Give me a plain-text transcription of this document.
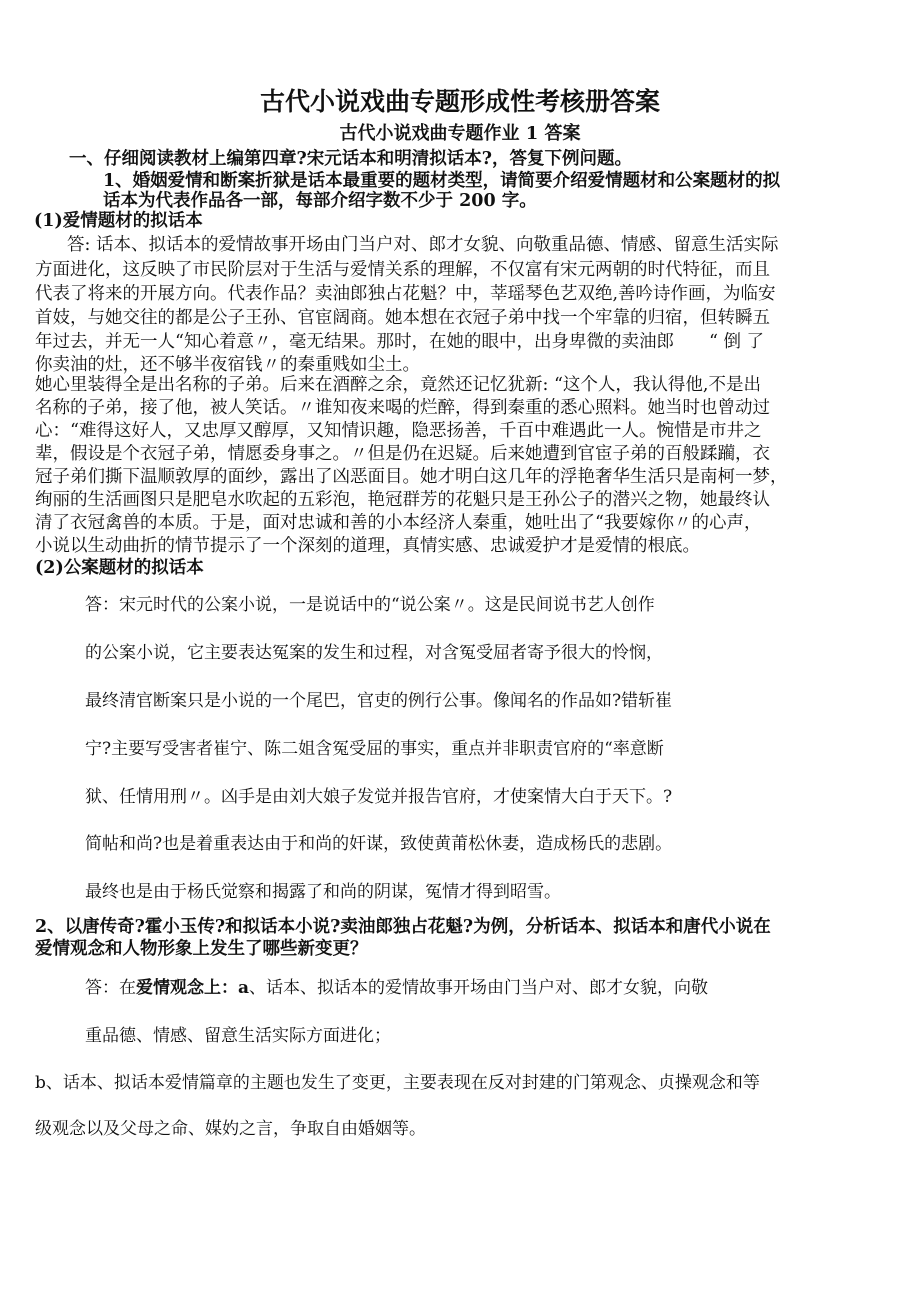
古代小说戏曲专题形成性考核册答案
古代小说戏曲专题作业 1 答案
一、仔细阅读教材上编第四章?宋元话本和明清拟话本?，答复下例问题。
1、婚姻爱情和断案折狱是话本最重要的题材类型，请简要介绍爱情题材和公案题材的拟
话本为代表作品各一部，每部介绍字数不少于 200 字。
(1)爱情题材的拟话本
答: 话本、拟话本的爱情故事开场由门当户对、郎才女貌、向敬重品德、情感、留意生活实际
方面进化，这反映了市民阶层对于生活与爱情关系的理解，不仅富有宋元两朝的时代特征，而且
代表了将来的开展方向。代表作品？卖油郎独占花魁？中，莘瑶琴色艺双绝,善吟诗作画，为临安
首妓，与她交往的都是公子王孙、官宦阔商。她本想在衣冠子弟中找一个牢靠的归宿，但转瞬五
年过去，并无一人“知心着意〃，毫无结果。那时，在她的眼中，出身卑微的卖油郎　　“ 倒 了
你卖油的灶，还不够半夜宿钱〃的秦重贱如尘土。
她心里装得全是出名称的子弟。后来在酒醉之余，竟然还记忆犹新: “这个人，我认得他,不是出
名称的子弟，接了他，被人笑话。〃谁知夜来喝的烂醉，得到秦重的悉心照料。她当时也曾动过
心：“难得这好人，又忠厚又醇厚，又知情识趣，隐恶扬善，千百中难遇此一人。惋惜是市井之
辈，假设是个衣冠子弟，情愿委身事之。〃但是仍在迟疑。后来她遭到官宦子弟的百般蹂躏，衣
冠子弟们撕下温顺敦厚的面纱，露出了凶恶面目。她才明白这几年的浮艳奢华生活只是南柯一梦，
绚丽的生活画图只是肥皂水吹起的五彩泡，艳冠群芳的花魁只是王孙公子的潜兴之物，她最终认
清了衣冠禽兽的本质。于是，面对忠诚和善的小本经济人秦重，她吐出了“我要嫁你〃的心声，
小说以生动曲折的情节提示了一个深刻的道理，真情实感、忠诚爱护才是爱情的根底。
(2)公案题材的拟话本
答：宋元时代的公案小说，一是说话中的“说公案〃。这是民间说书艺人创作
的公案小说，它主要表达冤案的发生和过程，对含冤受屈者寄予很大的怜悯，
最终清官断案只是小说的一个尾巴，官吏的例行公事。像闻名的作品如?错斩崔
宁?主要写受害者崔宁、陈二姐含冤受屈的事实，重点并非职责官府的“率意断
狱、任情用刑〃。凶手是由刘大娘子发觉并报告官府，才使案情大白于天下。?
简帖和尚?也是着重表达由于和尚的奸谋，致使黄莆松休妻，造成杨氏的悲剧。
最终也是由于杨氏觉察和揭露了和尚的阴谋，冤情才得到昭雪。
2、以唐传奇?霍小玉传?和拟话本小说?卖油郎独占花魁?为例，分析话本、拟话本和唐代小说在
爱情观念和人物形象上发生了哪些新变更？
答：在爱情观念上：a、话本、拟话本的爱情故事开场由门当户对、郎才女貌，向敬
重品德、情感、留意生活实际方面进化；
b、话本、拟话本爱情篇章的主题也发生了变更，主要表现在反对封建的门第观念、贞操观念和等
级观念以及父母之命、媒妁之言，争取自由婚姻等。
